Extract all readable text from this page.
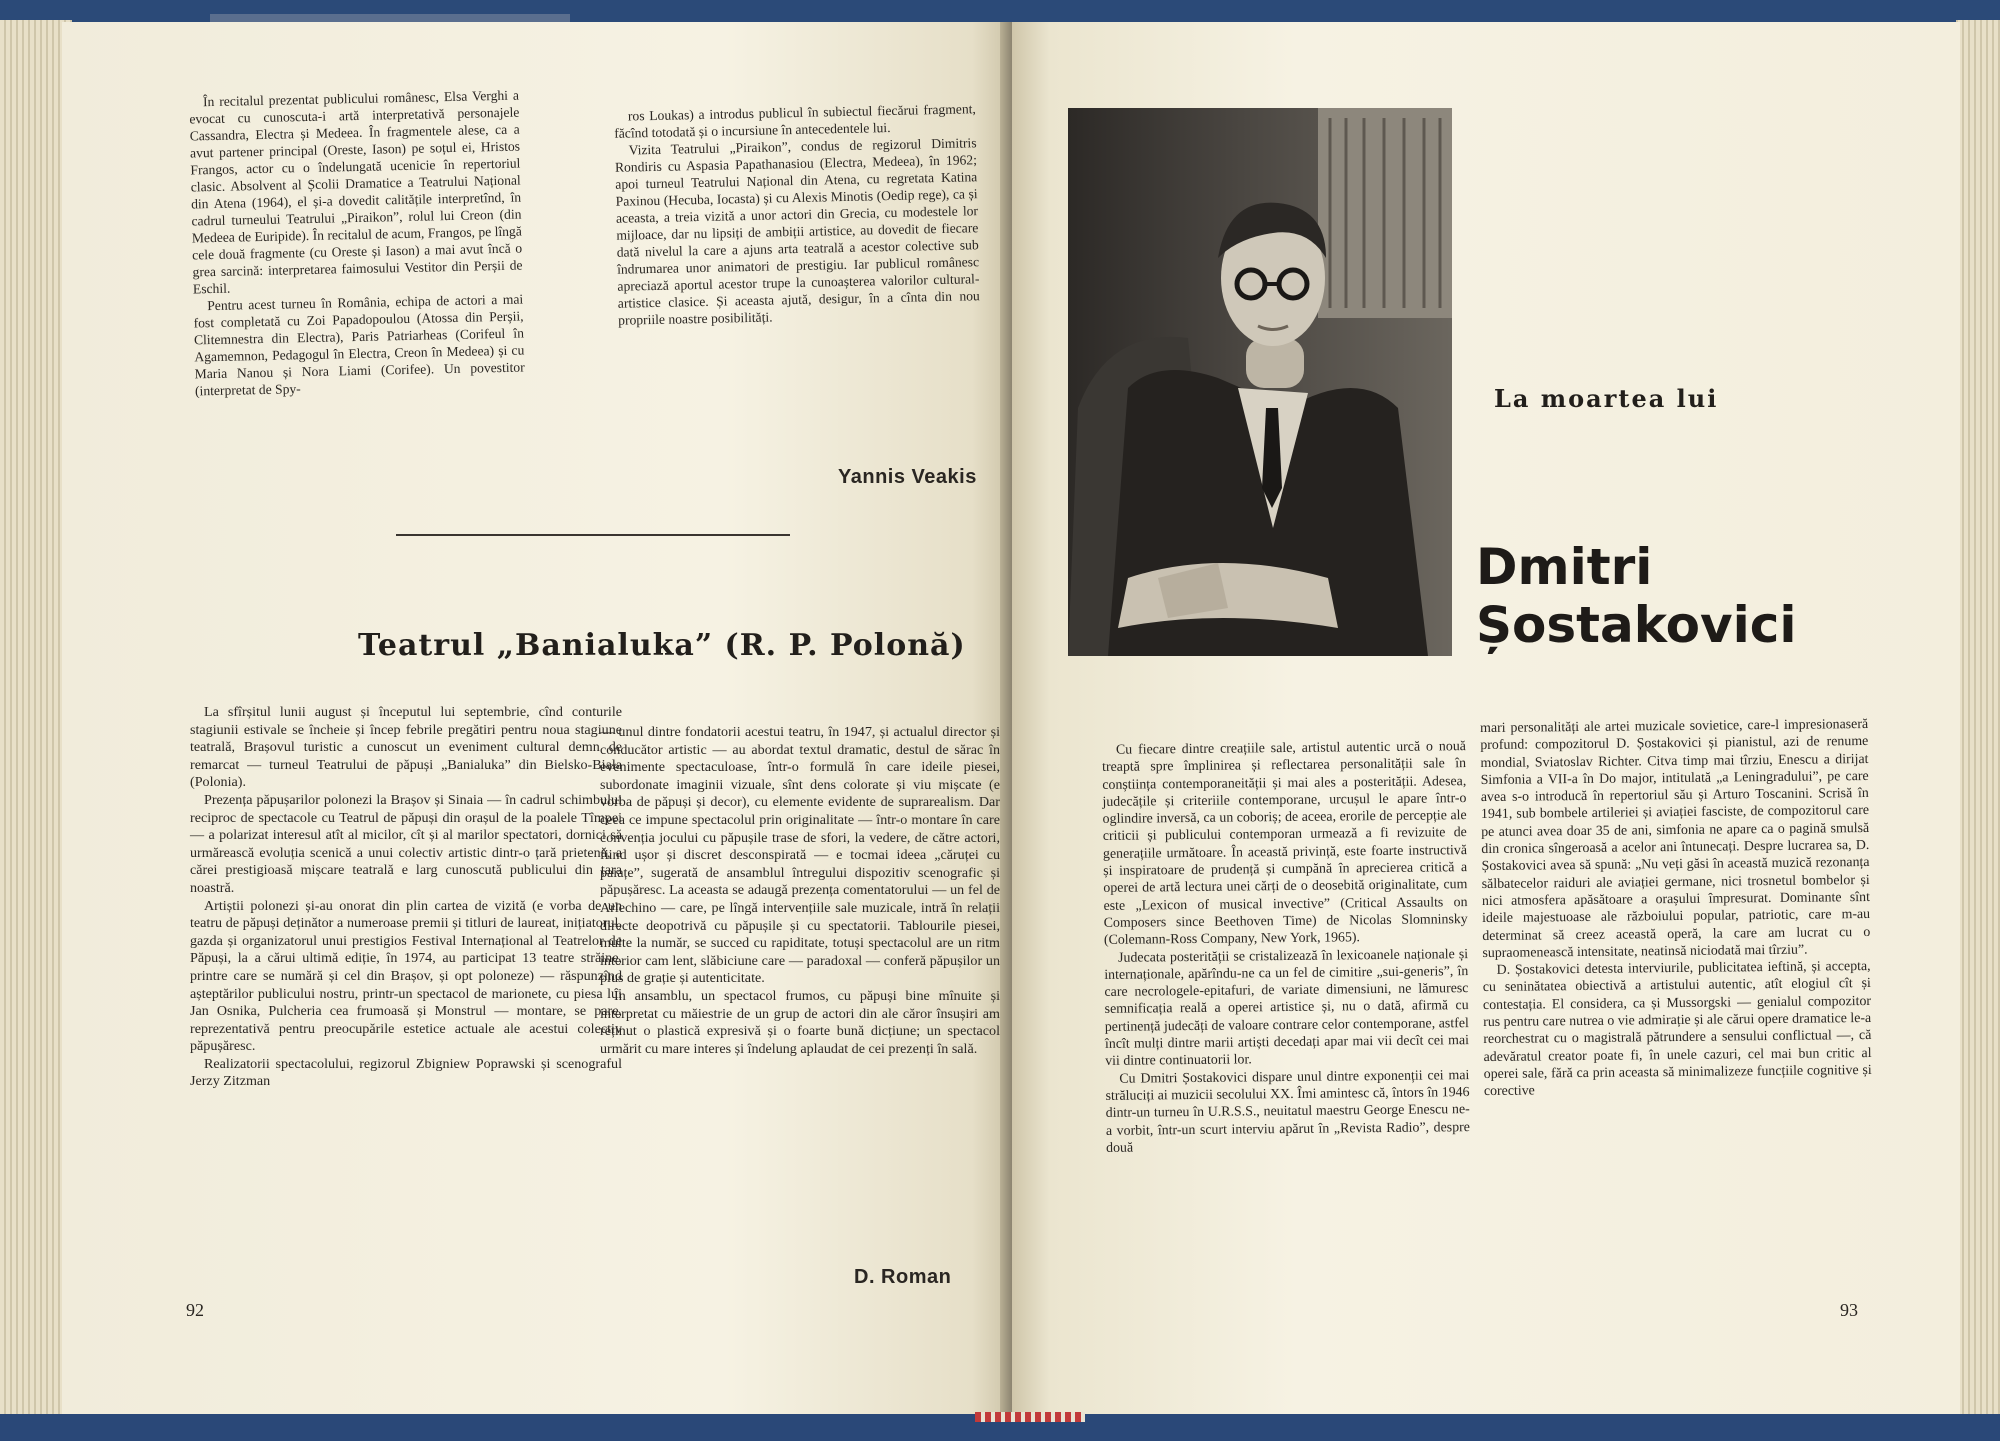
În recitalul prezentat publicului românesc, Elsa Verghi a evocat cu cunoscuta-i artă interpretativă personajele Cassandra, Electra și Medeea. În fragmentele alese, ca a avut partener principal (Oreste, Iason) pe soțul ei, Hristos Frangos, actor cu o îndelungată ucenicie în repertoriul clasic. Absolvent al Școlii Dramatice a Teatrului Național din Atena (1964), el și-a dovedit calitățile interpretînd, în cadrul turneului Teatrului „Piraikon”, rolul lui Creon (din Medeea de Euripide). În recitalul de acum, Frangos, pe lîngă cele două fragmente (cu Oreste și Iason) a mai avut încă o grea sarcină: interpretarea faimosului Vestitor din Perșii de Eschil.

Pentru acest turneu în România, echipa de actori a mai fost completată cu Zoi Papadopoulou (Atossa din Perșii, Clitemnestra din Electra), Paris Patriarheas (Corifeul în Agamemnon, Pedagogul în Electra, Creon în Medeea) și cu Maria Nanou și Nora Liami (Corifee). Un povestitor (interpretat de Spy-

ros Loukas) a introdus publicul în subiectul fiecărui fragment, făcînd totodată și o incursiune în antecedentele lui.

Vizita Teatrului „Piraikon”, condus de regizorul Dimitris Rondiris cu Aspasia Papathanasiou (Electra, Medeea), în 1962; apoi turneul Teatrului Național din Atena, cu regretata Katina Paxinou (Hecuba, Iocasta) și cu Alexis Minotis (Oedip rege), ca și aceasta, a treia vizită a unor actori din Grecia, cu modestele lor mijloace, dar nu lipsiți de ambiții artistice, au dovedit de fiecare dată nivelul la care a ajuns arta teatrală a acestor colective sub îndrumarea unor animatori de prestigiu. Iar publicul românesc apreciază aportul acestor trupe la cunoașterea valorilor cultural-artistice clasice. Și aceasta ajută, desigur, în a cînta din nou propriile noastre posibilități.

Yannis Veakis
Teatrul „Banialuka” (R. P. Polonă)

La sfîrșitul lunii august și începutul lui septembrie, cînd conturile stagiunii estivale se încheie și încep febrile pregătiri pentru noua stagiune teatrală, Brașovul turistic a cunoscut un eveniment cultural demn de remarcat — turneul Teatrului de păpuși „Banialuka” din Bielsko-Biała (Polonia).

Prezența păpușarilor polonezi la Brașov și Sinaia — în cadrul schimbului reciproc de spectacole cu Teatrul de păpuși din orașul de la poalele Tîmpei — a polarizat interesul atît al micilor, cît și al marilor spectatori, dornici să urmărească evoluția scenică a unui colectiv artistic dintr-o țară prietenă, a cărei prestigioasă mișcare teatrală e larg cunoscută publicului din țara noastră.

Artiștii polonezi și-au onorat din plin cartea de vizită (e vorba de un teatru de păpuși deținător a numeroase premii și titluri de laureat, inițiatorul, gazda și organizatorul unui prestigios Festival Internațional al Teatrelor de Păpuși, la a cărui ultimă ediție, în 1974, au participat 13 teatre străine, printre care se numără și cel din Brașov, și opt poloneze) — răspunzînd așteptărilor publicului nostru, printr-un spectacol de marionete, cu piesa lui Jan Osnika, Pulcheria cea frumoasă și Monstrul — montare, se pare, reprezentativă pentru preocupările estetice actuale ale acestui colectiv păpușăresc.

Realizatorii spectacolului, regizorul Zbigniew Poprawski și scenograful Jerzy Zitzman

— unul dintre fondatorii acestui teatru, în 1947, și actualul director și conducător artistic — au abordat textul dramatic, destul de sărac în evenimente spectaculoase, într-o formulă în care ideile piesei, subordonate imaginii vizuale, sînt dens colorate și viu mișcate (e vorba de păpuși și decor), cu elemente evidente de suprarealism. Dar ceea ce impune spectacolul prin originalitate — într-o montare în care convenția jocului cu păpușile trase de sfori, la vedere, de către actori, fiind ușor și discret desconspirată — e tocmai ideea „căruței cu paiațe”, sugerată de ansamblul întregului dispozitiv scenografic și păpușăresc. La aceasta se adaugă prezența comentatorului — un fel de Arlechino — care, pe lîngă intervențiile sale muzicale, intră în relații directe deopotrivă cu păpușile și cu spectatorii. Tablourile piesei, multe la număr, se succed cu rapiditate, totuși spectacolul are un ritm interior cam lent, slăbiciune care — paradoxal — conferă păpușilor un plus de grație și autenticitate.

În ansamblu, un spectacol frumos, cu păpuși bine mînuite și interpretat cu măiestrie de un grup de actori din ale căror însușiri am reținut o plastică expresivă și o foarte bună dicțiune; un spectacol urmărit cu mare interes și îndelung aplaudat de cei prezenți în sală.

D. Roman
92
La moartea lui
Dmitri
Șostakovici

Cu fiecare dintre creațiile sale, artistul autentic urcă o nouă treaptă spre împlinirea și reflectarea personalității sale în conștiința contemporaneității și mai ales a posterității. Adesea, judecățile și criteriile contemporane, urcușul le apare într-o oglindire inversă, ca un coboriș; de aceea, erorile de percepție ale criticii și publicului contemporan urmează a fi revizuite de generațiile următoare. În această privință, este foarte instructivă și inspiratoare de prudență și cumpănă în aprecierea critică a operei de artă lectura unei cărți de o deosebită originalitate, cum este „Lexicon of musical invective” (Critical Assaults on Composers since Beethoven Time) de Nicolas Slomninsky (Colemann-Ross Company, New York, 1965).

Judecata posterității se cristalizează în lexicoanele naționale și internaționale, apărîndu-ne ca un fel de cimitire „sui-generis”, în care necrologele-epitafuri, de variate dimensiuni, ne lămuresc semnificația reală a operei artistice și, nu o dată, afirmă cu pertinență judecăți de valoare contrare celor contemporane, astfel încît mulți dintre marii artiști decedați apar mai vii decît cei mai vii dintre continuatorii lor.

Cu Dmitri Șostakovici dispare unul dintre exponenții cei mai străluciți ai muzicii secolului XX. Îmi amintesc că, întors în 1946 dintr-un turneu în U.R.S.S., neuitatul maestru George Enescu ne-a vorbit, într-un scurt interviu apărut în „Revista Radio”, despre două

mari personalități ale artei muzicale sovietice, care-l impresionaseră profund: compozitorul D. Șostakovici și pianistul, azi de renume mondial, Sviatoslav Richter. Citva timp mai tîrziu, Enescu a dirijat Simfonia a VII-a în Do major, intitulată „a Leningradului”, pe care avea s-o introducă în repertoriul său și Arturo Toscanini. Scrisă în 1941, sub bombele artileriei și aviației fasciste, de compozitorul care pe atunci avea doar 35 de ani, simfonia ne apare ca o pagină smulsă din cronica sîngeroasă a acelor ani întunecați. Despre lucrarea sa, D. Șostakovici avea să spună: „Nu veți găsi în această muzică rezonanța sălbatecelor raiduri ale aviației germane, nici trosnetul bombelor și nici atmosfera apăsătoare a orașului împresurat. Dominante sînt ideile majestuoase ale războiului popular, patriotic, care m-au determinat să creez această operă, la care am lucrat cu o supraomenească intensitate, neatinsă niciodată mai tîrziu”.

D. Șostakovici detesta interviurile, publicitatea ieftină, și accepta, cu seninătatea obiectivă a artistului autentic, atît elogiul cît și contestația. El considera, ca și Mussorgski — genialul compozitor rus pentru care nutrea o vie admirație și ale cărui opere dramatice le-a reorchestrat cu o magistrală pătrundere a sensului conflictual —, că adevăratul creator poate fi, în unele cazuri, cel mai bun critic al operei sale, fără ca prin aceasta să minimalizeze funcțiile cognitive și corective

93
